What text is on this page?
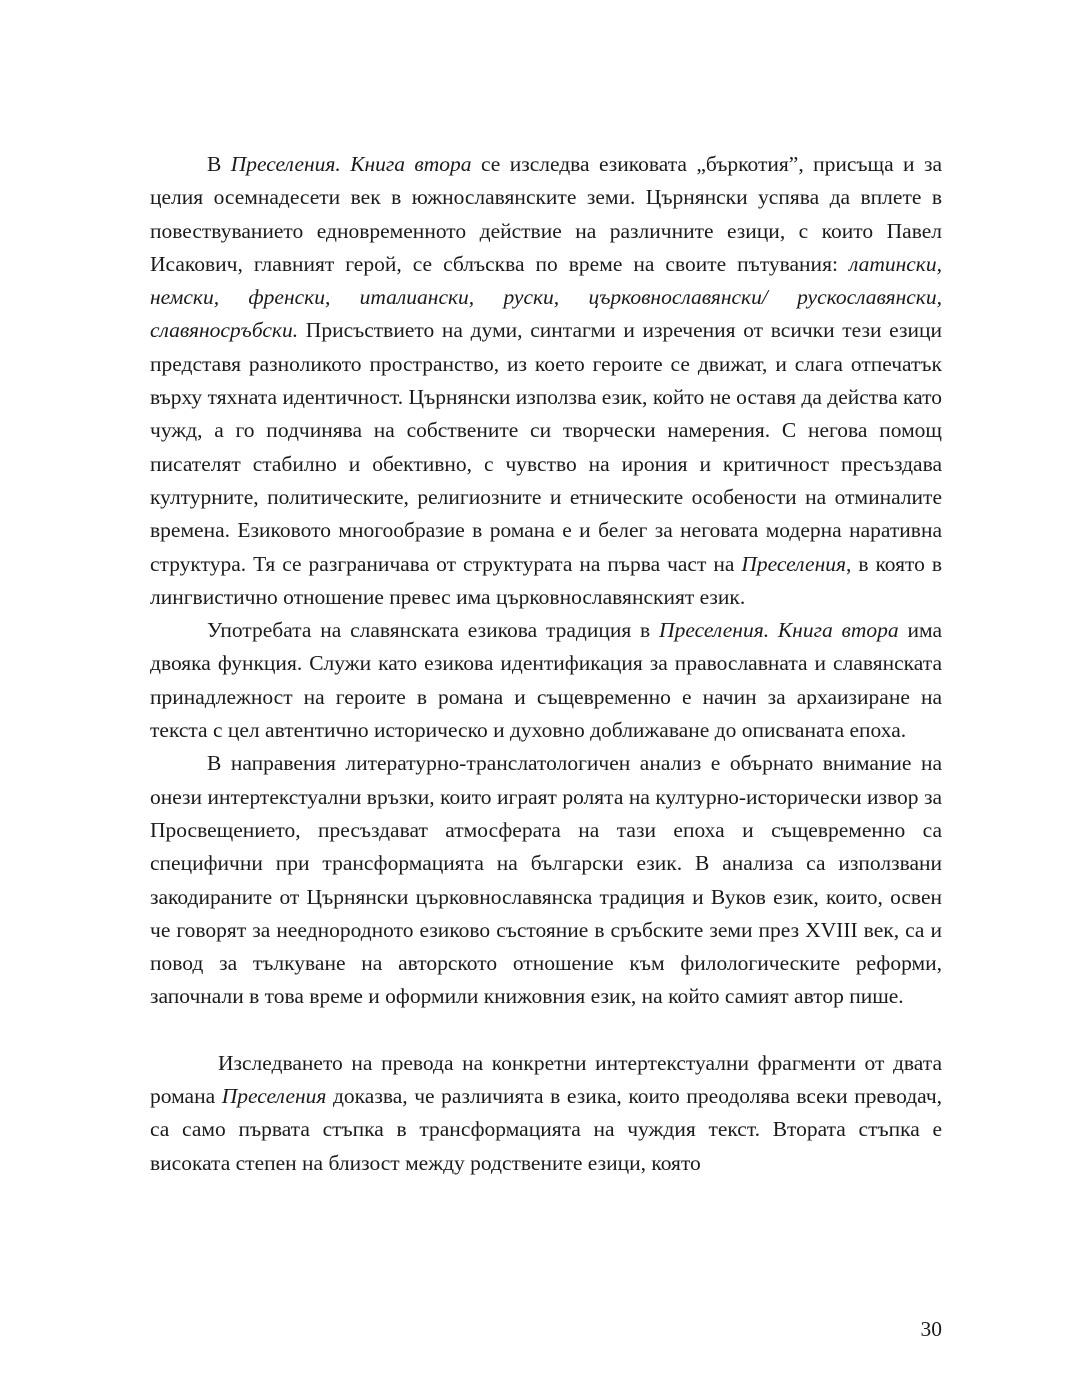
В Преселения. Книга втора се изследва езиковата „бъркотия”, присъща и за целия осемнадесети век в южнославянските земи. Църнянски успява да вплете в повествуванието едновременното действие на различните езици, с които Павел Исакович, главният герой, се сблъсква по време на своите пътувания: латински, немски, френски, италиански, руски, църковнославянски/ рускославянски, славяносръбски. Присъствието на думи, синтагми и изречения от всички тези езици представя разноликото пространство, из което героите се движат, и слага отпечатък върху тяхната идентичност. Църнянски използва език, който не оставя да действа като чужд, а го подчинява на собствените си творчески намерения. С негова помощ писателят стабилно и обективно, с чувство на ирония и критичност пресъздава културните, политическите, религиозните и етническите особености на отминалите времена. Езиковото многообразие в романа е и белег за неговата модерна наративна структура. Тя се разграничава от структурата на първа част на Преселения, в която в лингвистично отношение превес има църковнославянският език.

Употребата на славянската езикова традиция в Преселения. Книга втора има двояка функция. Служи като езикова идентификация за православната и славянската принадлежност на героите в романа и същевременно е начин за архаизиране на текста с цел автентично историческо и духовно доближаване до описваната епоха.

В направения литературно-транслатологичен анализ е обърнато внимание на онези интертекстуални връзки, които играят ролята на културно-исторически извор за Просвещението, пресъздават атмосферата на тази епоха и същевременно са специфични при трансформацията на български език. В анализа са използвани закодираните от Църнянски църковнославянска традиция и Вуков език, които, освен че говорят за нееднородното езиково състояние в сръбските земи през XVIII век, са и повод за тълкуване на авторското отношение към филологическите реформи, започнали в това време и оформили книжовния език, на който самият автор пише.

Изследването на превода на конкретни интертекстуални фрагменти от двата романа Преселения доказва, че различията в езика, които преодолява всеки преводач, са само първата стъпка в трансформацията на чуждия текст. Втората стъпка е високата степен на близост между родствените езици, която

30
